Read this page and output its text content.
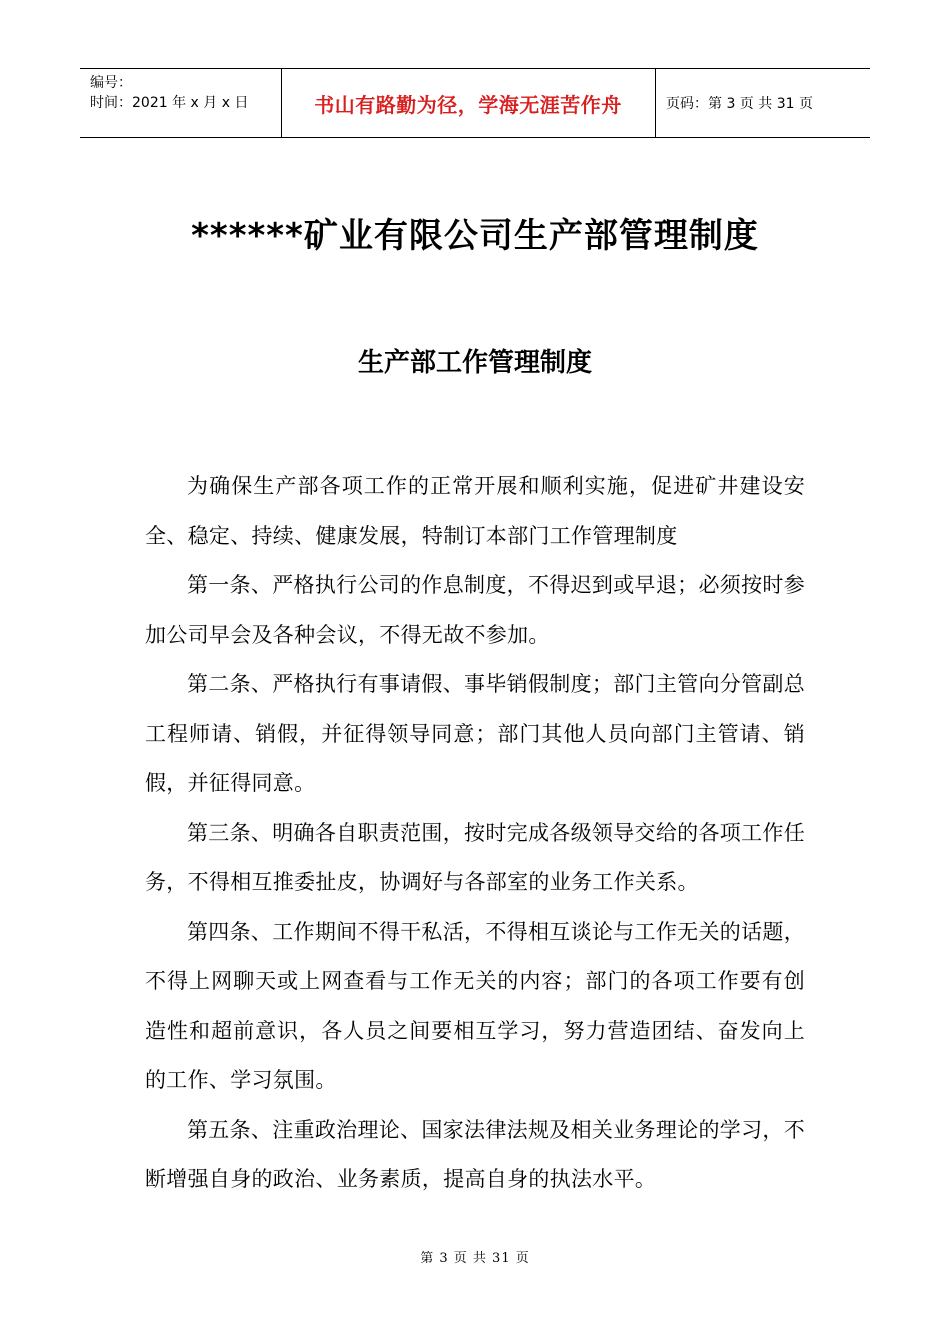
编号：
时间：2021 年 x 月 x 日	书山有路勤为径，学海无涯苦作舟	页码：第 3 页 共 31 页
******矿业有限公司生产部管理制度
生产部工作管理制度

为确保生产部各项工作的正常开展和顺利实施，促进矿井建设安全、稳定、持续、健康发展，特制订本部门工作管理制度

第一条、严格执行公司的作息制度，不得迟到或早退；必须按时参加公司早会及各种会议，不得无故不参加。

第二条、严格执行有事请假、事毕销假制度；部门主管向分管副总工程师请、销假，并征得领导同意；部门其他人员向部门主管请、销假，并征得同意。

第三条、明确各自职责范围，按时完成各级领导交给的各项工作任务，不得相互推委扯皮，协调好与各部室的业务工作关系。

第四条、工作期间不得干私活，不得相互谈论与工作无关的话题，不得上网聊天或上网查看与工作无关的内容；部门的各项工作要有创造性和超前意识，各人员之间要相互学习，努力营造团结、奋发向上的工作、学习氛围。

第五条、注重政治理论、国家法律法规及相关业务理论的学习，不断增强自身的政治、业务素质，提高自身的执法水平。

第 3 页 共 31 页
